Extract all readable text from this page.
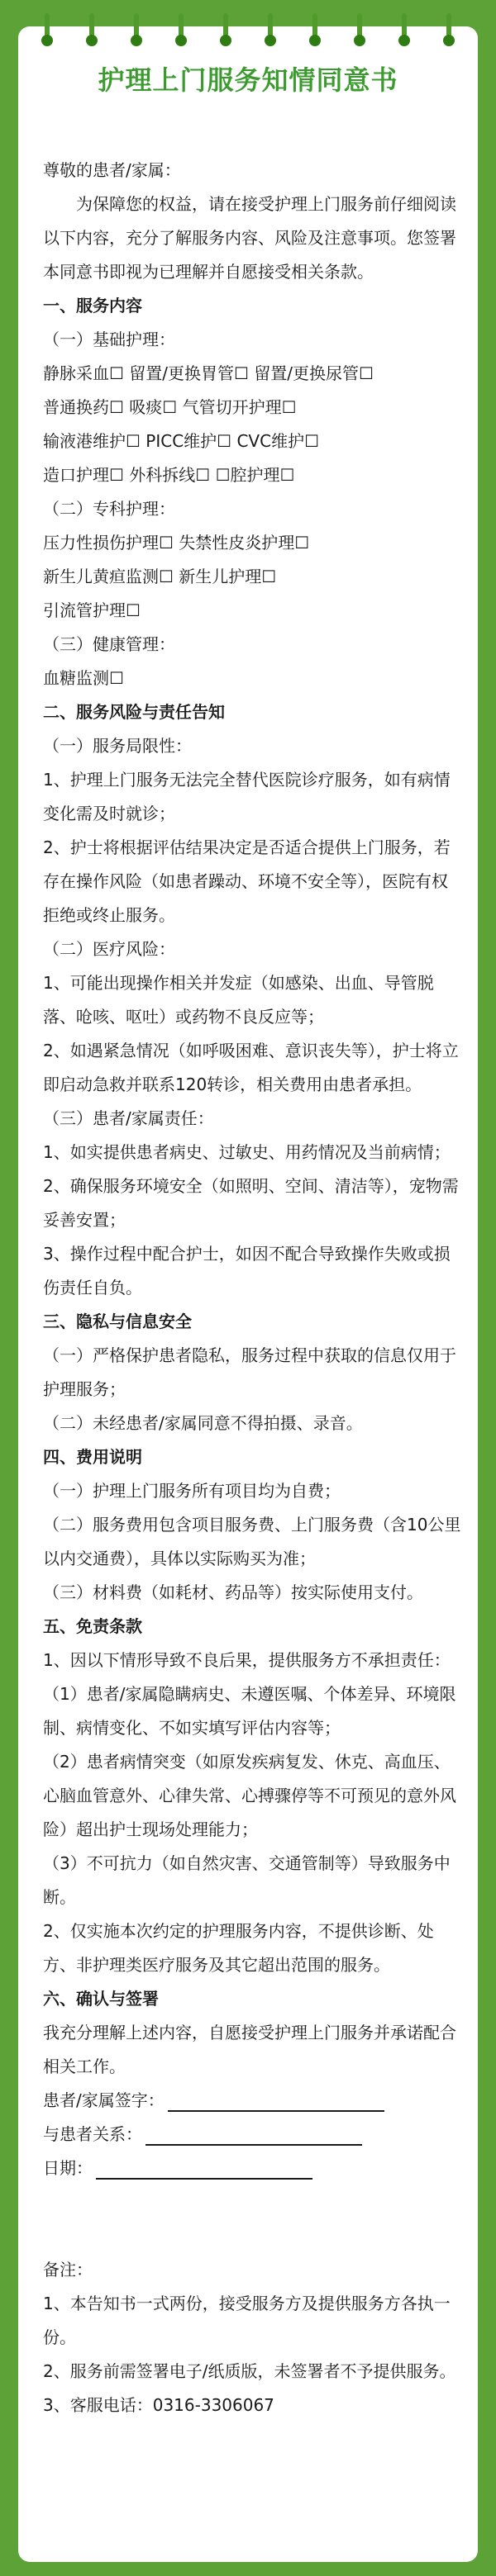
护理上门服务知情同意书

尊敬的患者/家属：

为保障您的权益，请在接受护理上门服务前仔细阅读以下内容，充分了解服务内容、风险及注意事项。您签署本同意书即视为已理解并自愿接受相关条款。

一、服务内容

（一）基础护理：

静脉采血☐ 留置/更换胃管☐ 留置/更换尿管☐

普通换药☐ 吸痰☐ 气管切开护理☐

输液港维护☐ PICC维护☐ CVC维护☐

造口护理☐ 外科拆线☐ ☐腔护理☐

（二）专科护理：

压力性损伤护理☐ 失禁性皮炎护理☐

新生儿黄疸监测☐ 新生儿护理☐

引流管护理☐

（三）健康管理：

血糖监测☐

二、服务风险与责任告知

（一）服务局限性：

1、护理上门服务无法完全替代医院诊疗服务，如有病情变化需及时就诊；

2、护士将根据评估结果决定是否适合提供上门服务，若存在操作风险（如患者躁动、环境不安全等），医院有权拒绝或终止服务。

（二）医疗风险：

1、可能出现操作相关并发症（如感染、出血、导管脱落、呛咳、呕吐）或药物不良反应等；

2、如遇紧急情况（如呼吸困难、意识丧失等），护士将立即启动急救并联系120转诊，相关费用由患者承担。

（三）患者/家属责任：

1、如实提供患者病史、过敏史、用药情况及当前病情；

2、确保服务环境安全（如照明、空间、清洁等），宠物需妥善安置；

3、操作过程中配合护士，如因不配合导致操作失败或损伤责任自负。

三、隐私与信息安全

（一）严格保护患者隐私，服务过程中获取的信息仅用于护理服务；

（二）未经患者/家属同意不得拍摄、录音。

四、费用说明

（一）护理上门服务所有项目均为自费；

（二）服务费用包含项目服务费、上门服务费（含10公里以内交通费），具体以实际购买为准；

（三）材料费（如耗材、药品等）按实际使用支付。

五、免责条款

1、因以下情形导致不良后果，提供服务方不承担责任：

（1）患者/家属隐瞒病史、未遵医嘱、个体差异、环境限制、病情变化、不如实填写评估内容等；

（2）患者病情突变（如原发疾病复发、休克、高血压、心脑血管意外、心律失常、心搏骤停等不可预见的意外风险）超出护士现场处理能力；

（3）不可抗力（如自然灾害、交通管制等）导致服务中断。

2、仅实施本次约定的护理服务内容，不提供诊断、处方、非护理类医疗服务及其它超出范围的服务。

六、确认与签署

我充分理解上述内容，自愿接受护理上门服务并承诺配合相关工作。

患者/家属签字：

与患者关系：

日期：

备注：

1、本告知书一式两份，接受服务方及提供服务方各执一份。

2、服务前需签署电子/纸质版，未签署者不予提供服务。

3、客服电话：0316-3306067
